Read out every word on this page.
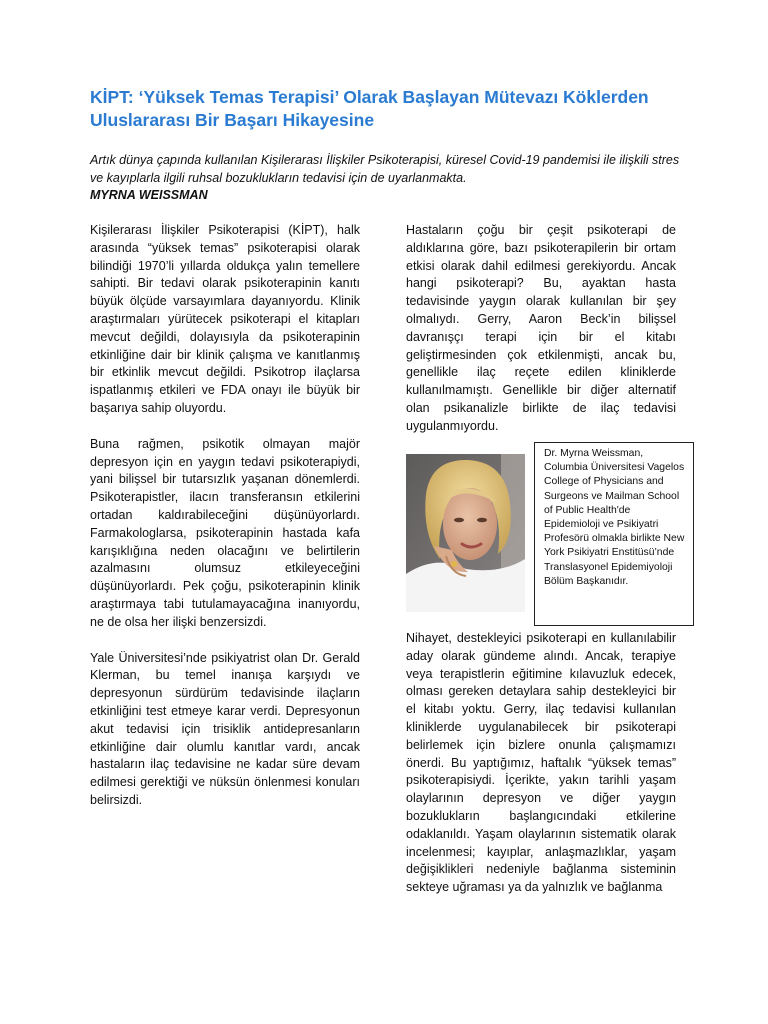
KİPT: ‘Yüksek Temas Terapisi’ Olarak Başlayan Mütevazı Köklerden Uluslararası Bir Başarı Hikayesine

Artık dünya çapında kullanılan Kişilerarası İlişkiler Psikoterapisi, küresel Covid-19 pandemisi ile ilişkili stres ve kayıplarla ilgili ruhsal bozuklukların tedavisi için de uyarlanmakta.

MYRNA WEISSMAN

Kişilerarası İlişkiler Psikoterapisi (KİPT), halk arasında “yüksek temas” psikoterapisi olarak bilindiği 1970’li yıllarda oldukça yalın temellere sahipti. Bir tedavi olarak psikoterapinin kanıtı büyük ölçüde varsayımlara dayanıyordu. Klinik araştırmaları yürütecek psikoterapi el kitapları mevcut değildi, dolayısıyla da psikoterapinin etkinliğine dair bir klinik çalışma ve kanıtlanmış bir etkinlik mevcut değildi. Psikotrop ilaçlarsa ispatlanmış etkileri ve FDA onayı ile büyük bir başarıya sahip oluyordu.

Buna rağmen, psikotik olmayan majör depresyon için en yaygın tedavi psikoterapiydi, yani bilişsel bir tutarsızlık yaşanan dönemlerdi. Psikoterapistler, ilacın transferansın etkilerini ortadan kaldırabileceğini düşünüyorlardı. Farmakologlarsa, psikoterapinin hastada kafa karışıklığına neden olacağını ve belirtilerin azalmasını olumsuz etkileyeceğini düşünüyorlardı. Pek çoğu, psikoterapinin klinik araştırmaya tabi tutulamayacağına inanıyordu, ne de olsa her ilişki benzersizdi.

Yale Üniversitesi’nde psikiyatrist olan Dr. Gerald Klerman, bu temel inanışa karşıydı ve depresyonun sürdürüm tedavisinde ilaçların etkinliğini test etmeye karar verdi. Depresyonun akut tedavisi için trisiklik antidepresanların etkinliğine dair olumlu kanıtlar vardı, ancak hastaların ilaç tedavisine ne kadar süre devam edilmesi gerektiği ve nüksün önlenmesi konuları belirsizdi.

Hastaların çoğu bir çeşit psikoterapi de aldıklarına göre, bazı psikoterapilerin bir ortam etkisi olarak dahil edilmesi gerekiyordu. Ancak hangi psikoterapi? Bu, ayaktan hasta tedavisinde yaygın olarak kullanılan bir şey olmalıydı. Gerry, Aaron Beck’in bilişsel davranışçı terapi için bir el kitabı geliştirmesinden çok etkilenmişti, ancak bu, genellikle ilaç reçete edilen kliniklerde kullanılmamıştı. Genellikle bir diğer alternatif olan psikanalizle birlikte de ilaç tedavisi uygulanmıyordu.

Dr. Myrna Weissman, Columbia Üniversitesi Vagelos College of Physicians and Surgeons ve Mailman School of Public Health'de Epidemioloji ve Psikiyatri Profesörü olmakla birlikte New York Psikiyatri Enstitüsü’nde Translasyonel Epidemiyoloji Bölüm Başkanıdır.

Nihayet, destekleyici psikoterapi en kullanılabilir aday olarak gündeme alındı. Ancak, terapiye veya terapistlerin eğitimine kılavuzluk edecek, olması gereken detaylara sahip destekleyici bir el kitabı yoktu. Gerry, ilaç tedavisi kullanılan kliniklerde uygulanabilecek bir psikoterapi belirlemek için bizlere onunla çalışmamızı önerdi. Bu yaptığımız, haftalık “yüksek temas” psikoterapisiydi. İçerikte, yakın tarihli yaşam olaylarının depresyon ve diğer yaygın bozuklukların başlangıcındaki etkilerine odaklanıldı. Yaşam olaylarının sistematik olarak incelenmesi; kayıplar, anlaşmazlıklar, yaşam değişiklikleri nedeniyle bağlanma sisteminin sekteye uğraması ya da yalnızlık ve bağlanma
